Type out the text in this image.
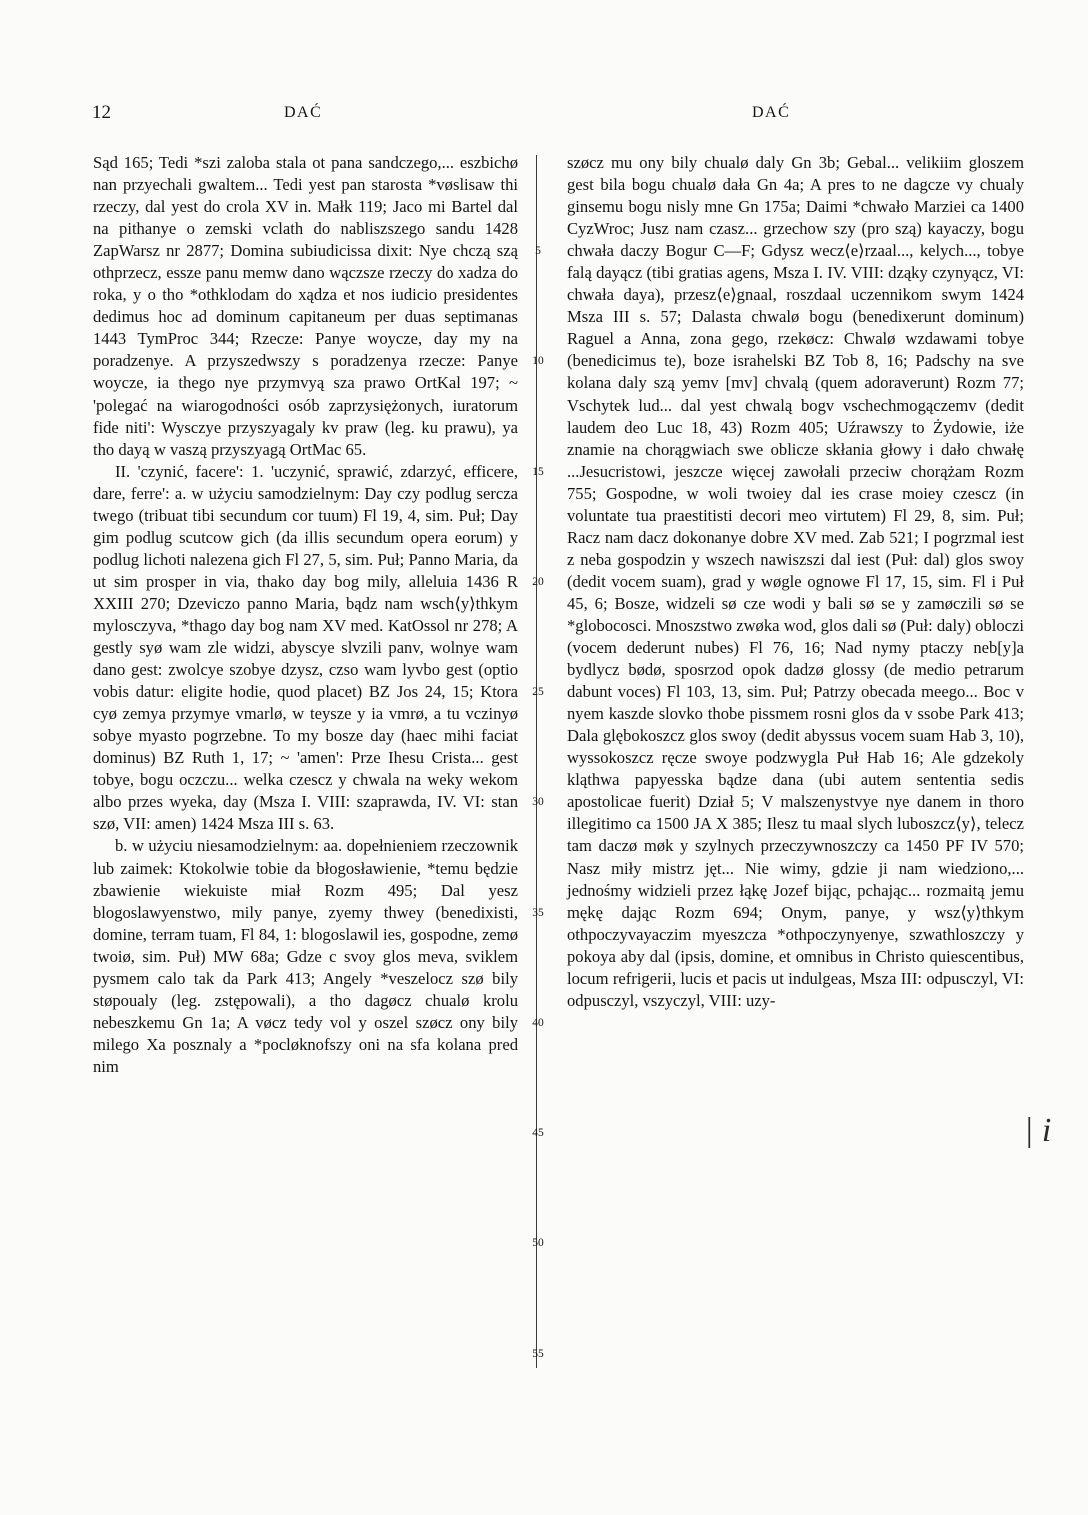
12	DAĆ	DAĆ

Sąd 165; Tedi *szi zaloba stala ot pana sandczego,... eszbichø nan przyechali gwaltem... Tedi yest pan starosta *vøslisaw thi rzeczy, dal yest do crola XV in. Małk 119; Jaco mi Bartel dal na pithanye o zemski vclath do nabliszszego sandu 1428 ZapWarsz nr 2877; Domina subiudicissa dixit: Nye chczą szą othprzecz, essze panu memw dano wączsze rzeczy do xadza do roka, y o tho *othklodam do xądza et nos iudicio presidentes dedimus hoc ad dominum capitaneum per duas septimanas 1443 TymProc 344; Rzecze: Panye woycze, day my na poradzenye. A przyszedwszy s poradzenya rzecze: Panye woycze, ia thego nye przymvyą sza prawo OrtKal 197; ~ 'polegać na wiarogodności osób zaprzysiężonych, iuratorum fide niti': Wysczye przyszyagaly kv praw (leg. ku prawu), ya tho dayą w vaszą przyszyagą OrtMac 65.

II. 'czynić, facere': 1. 'uczynić, sprawić, zdarzyć, efficere, dare, ferre': a. w użyciu samodzielnym: Day czy podlug sercza twego (tribuat tibi secundum cor tuum) Fl 19, 4, sim. Puł; Day gim podlug scutcow gich (da illis secundum opera eorum) y podlug lichoti nalezena gich Fl 27, 5, sim. Puł; Panno Maria, da ut sim prosper in via, thako day bog mily, alleluia 1436 R XXIII 270; Dzeviczo panno Maria, bądz nam wsch⟨y⟩thkym mylosczyva, *thago day bog nam XV med. KatOssol nr 278; A gestly syø wam zle widzi, abyscye slvzili panv, wolnye wam dano gest: zwolcye szobye dzysz, czso wam lyvbo gest (optio vobis datur: eligite hodie, quod placet) BZ Jos 24, 15; Ktora cyø zemya przymye vmarlø, w teysze y ia vmrø, a tu vczinyø sobye myasto pogrzebne. To my bosze day (haec mihi faciat dominus) BZ Ruth 1, 17; ~ 'amen': Prze Ihesu Crista... gest tobye, bogu oczczu... welka czescz y chwala na weky wekom albo przes wyeka, day (Msza I. VIII: szaprawda, IV. VI: stan szø, VII: amen) 1424 Msza III s. 63.

b. w użyciu niesamodzielnym: aa. dopełnieniem rzeczownik lub zaimek: Ktokolwie tobie da błogosławienie, *temu będzie zbawienie wiekuiste miał Rozm 495; Dal yesz blogoslawyenstwo, mily panye, zyemy thwey (benedixisti, domine, terram tuam, Fl 84, 1: blogoslawil ies, gospodne, zemø twoiø, sim. Puł) MW 68a; Gdze c svoy glos meva, sviklem pysmem calo tak da Park 413; Angely *veszelocz szø bily støpoualy (leg. zstępowali), a tho dagøcz chualø krolu nebeszkemu Gn 1a; A vøcz tedy vol y oszel szøcz ony bily milego Xa posznaly a *pocløknofszy oni na sfa kolana pred nim

5
10
15
20
25
30
35
40
45
50
55

szøcz mu ony bily chualø daly Gn 3b; Gebal... velikiim gloszem gest bila bogu chualø dała Gn 4a; A pres to ne dagcze vy chualy ginsemu bogu nisly mne Gn 175a; Daimi *chwało Marziei ca 1400 CyzWroc; Jusz nam czasz... grzechow szy (pro szą) kayaczy, bogu chwała daczy Bogur C—F; Gdysz wecz⟨e⟩rzaal..., kelych..., tobye falą dayącz (tibi gratias agens, Msza I. IV. VIII: dząky czynyącz, VI: chwała daya), przesz⟨e⟩gnaal, roszdaal uczennikom swym 1424 Msza III s. 57; Dalasta chwalø bogu (benedixerunt dominum) Raguel a Anna, zona gego, rzekøcz: Chwalø wzdawami tobye (benedicimus te), boze israhelski BZ Tob 8, 16; Padschy na sve kolana daly szą yemv [mv] chvalą (quem adoraverunt) Rozm 77; Vschytek lud... dal yest chwalą bogv vschechmogączemv (dedit laudem deo Luc 18, 43) Rozm 405; Uźrawszy to Żydowie, iże znamie na chorągwiach swe oblicze skłania głowy i dało chwałę ...Jesucristowi, jeszcze więcej zawołali przeciw chorążam Rozm 755; Gospodne, w woli twoiey dal ies crase moiey czescz (in voluntate tua praestitisti decori meo virtutem) Fl 29, 8, sim. Puł; Racz nam dacz dokonanye dobre XV med. Zab 521; I pogrzmal iest z neba gospodzin y wszech nawiszszi dal iest (Puł: dal) glos swoy (dedit vocem suam), grad y wøgle ognowe Fl 17, 15, sim. Fl i Puł 45, 6; Bosze, widzeli sø cze wodi y bali sø se y zamøczili sø se *globocosci. Mnoszstwo zwøka wod, glos dali sø (Puł: daly) obloczi (vocem dederunt nubes) Fl 76, 16; Nad nymy ptaczy neb[y]a bydlycz bødø, sposrzod opok dadzø glossy (de medio petrarum dabunt voces) Fl 103, 13, sim. Puł; Patrzy obecada meego... Boc v nyem kaszde slovko thobe pissmem rosni glos da v ssobe Park 413; Dala glębokoszcz glos swoy (dedit abyssus vocem suam Hab 3, 10), wyssokoszcz ręcze swoye podzwygla Puł Hab 16; Ale gdzekoly kląthwa papyesska bądze dana (ubi autem sententia sedis apostolicae fuerit) Dział 5; V malszenystvye nye danem in thoro illegitimo ca 1500 JA X 385; Ilesz tu maal slych luboszcz⟨y⟩, telecz tam daczø møk y szylnych przeczywnoszczy ca 1450 PF IV 570; Nasz miły mistrz jęt... Nie wimy, gdzie ji nam wiedziono,... jednośmy widzieli przez łąkę Jozef bijąc, pchając... rozmaitą jemu mękę dając Rozm 694; Onym, panye, y wsz⟨y⟩thkym othpoczyvayaczim myeszcza *othpoczynyenye, szwathloszczy y pokoya aby dal (ipsis, domine, et omnibus in Christo quiescentibus, locum refrigerii, lucis et pacis ut indulgeas, Msza III: odpusczyl, VI: odpusczyl, vszyczyl, VIII: uzy-

| i
